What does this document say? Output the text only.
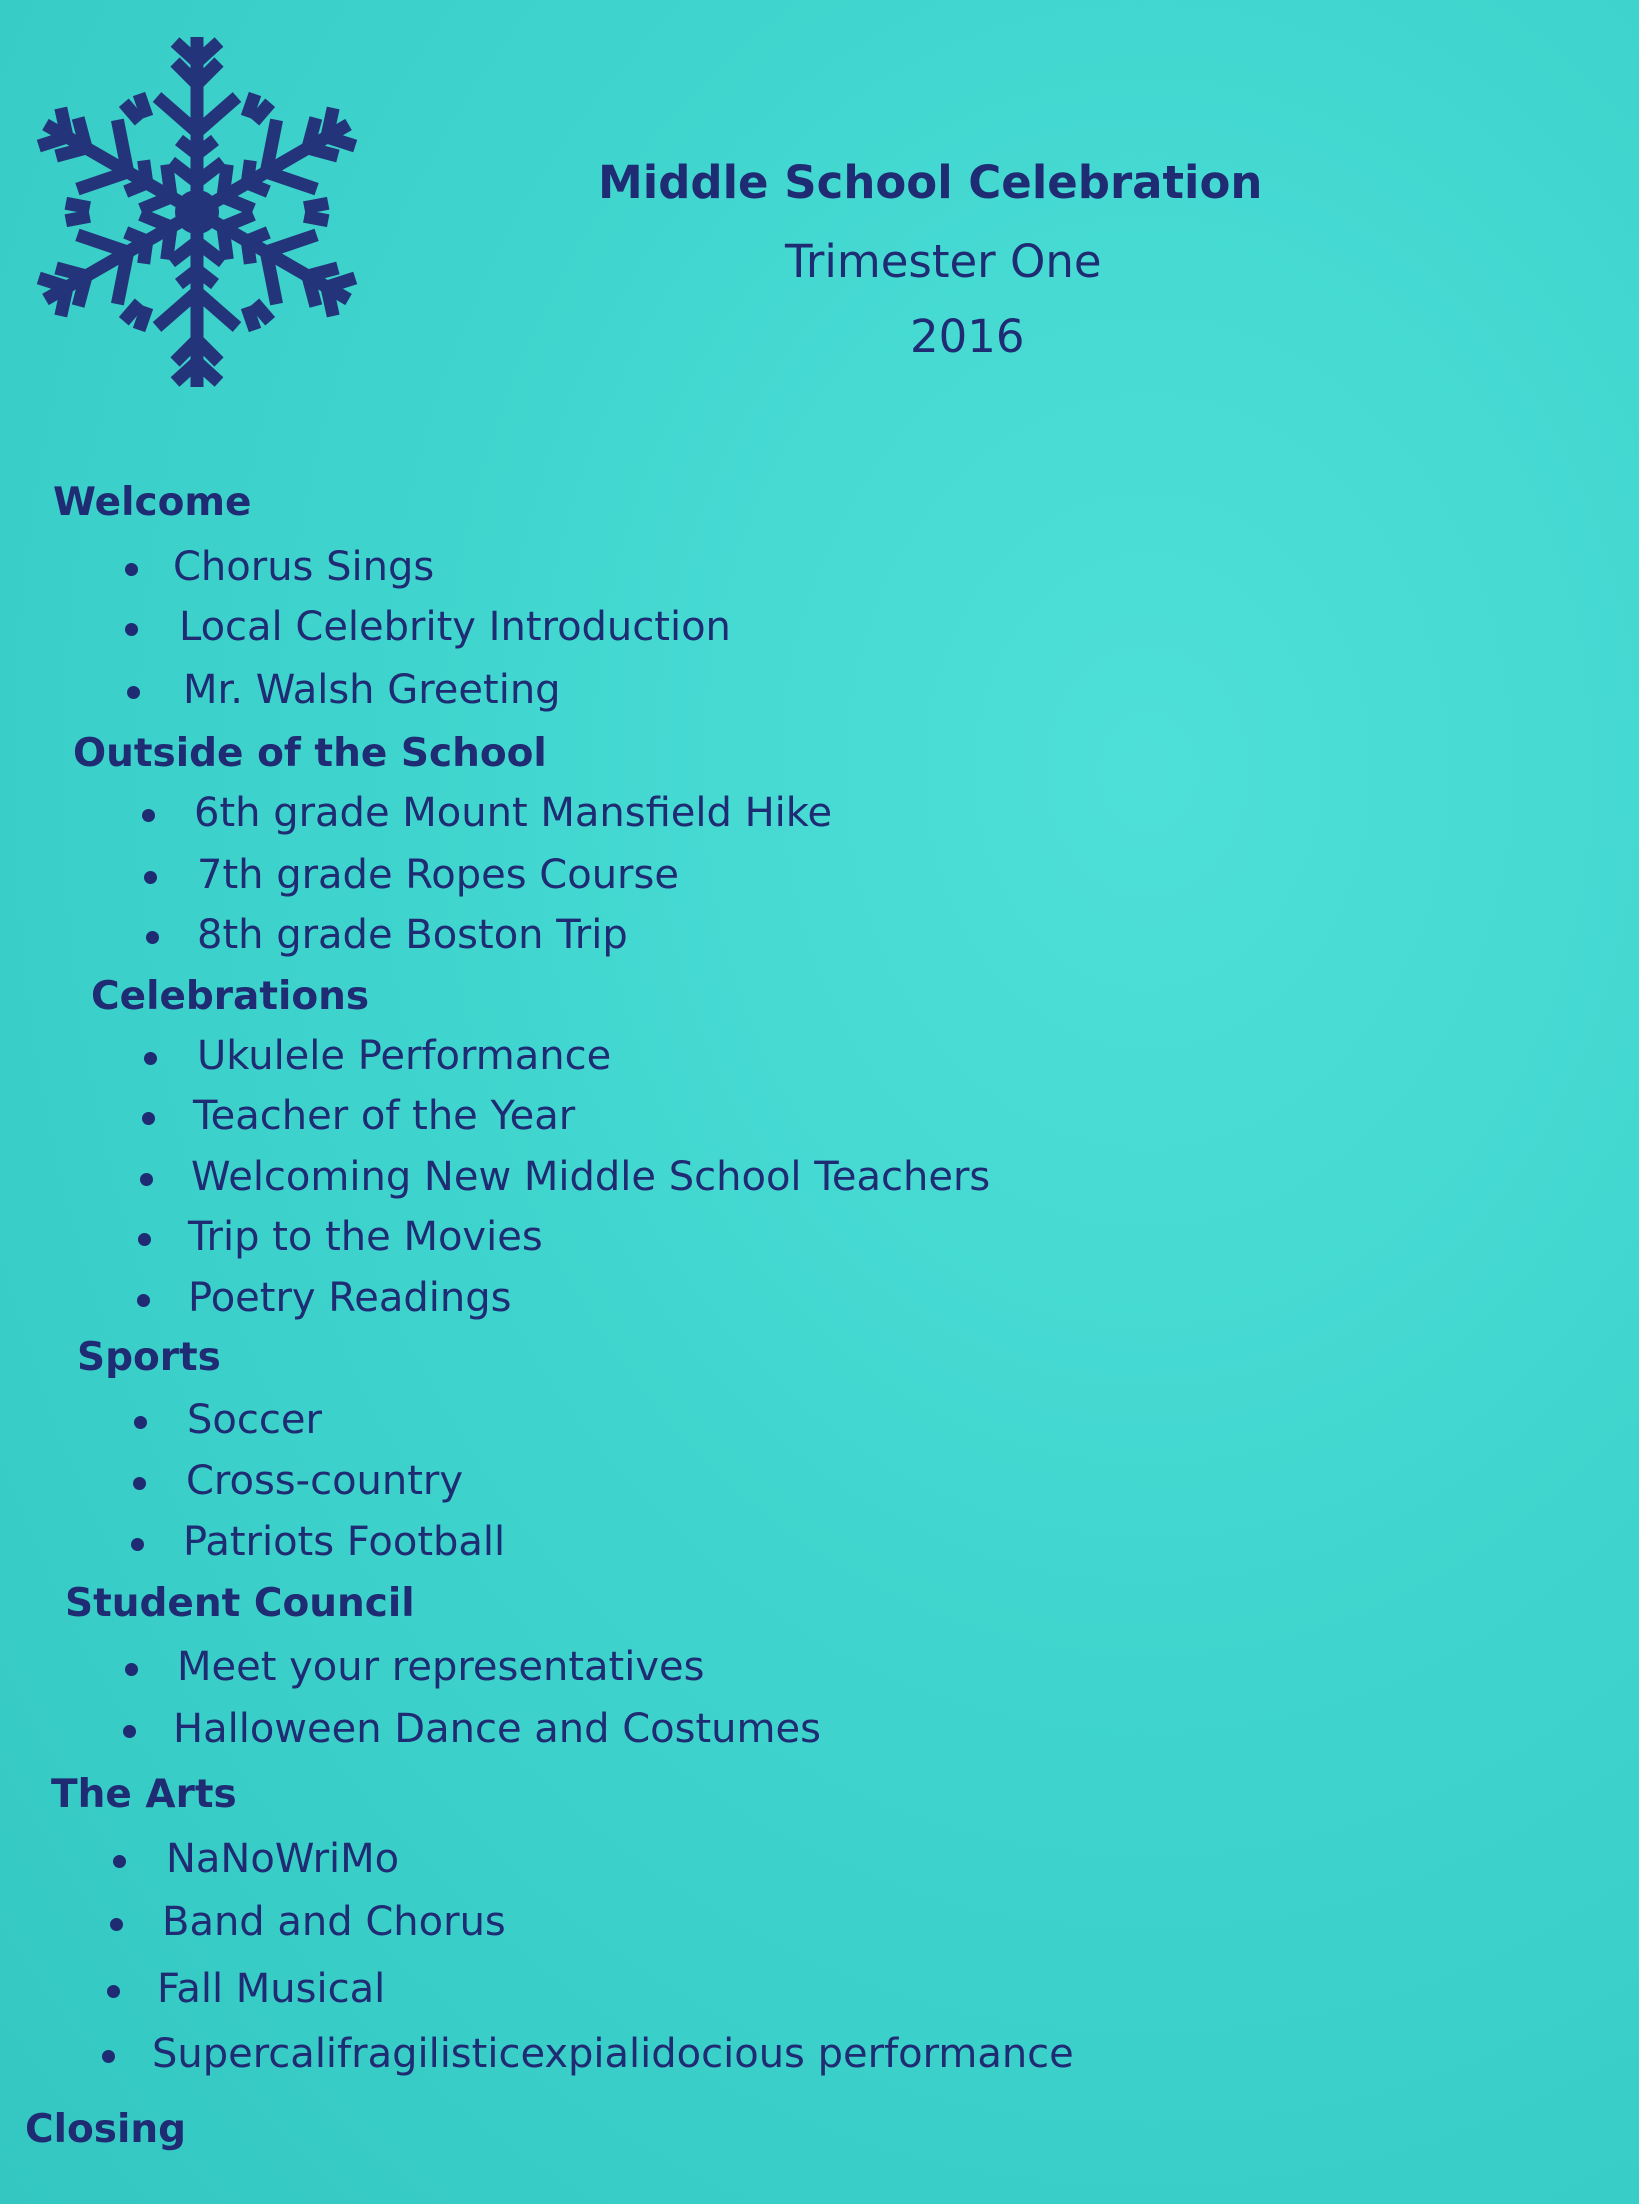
Middle School Celebration
Trimester One
2016
Welcome
Chorus Sings
Local Celebrity Introduction
Mr. Walsh Greeting
Outside of the School
6th grade Mount Mansfield Hike
7th grade Ropes Course
8th grade Boston Trip
Celebrations
Ukulele Performance
Teacher of the Year
Welcoming New Middle School Teachers
Trip to the Movies
Poetry Readings
Sports
Soccer
Cross-country
Patriots Football
Student Council
Meet your representatives
Halloween Dance and Costumes
The Arts
NaNoWriMo
Band and Chorus
Fall Musical
Supercalifragilisticexpialidocious performance
Closing
